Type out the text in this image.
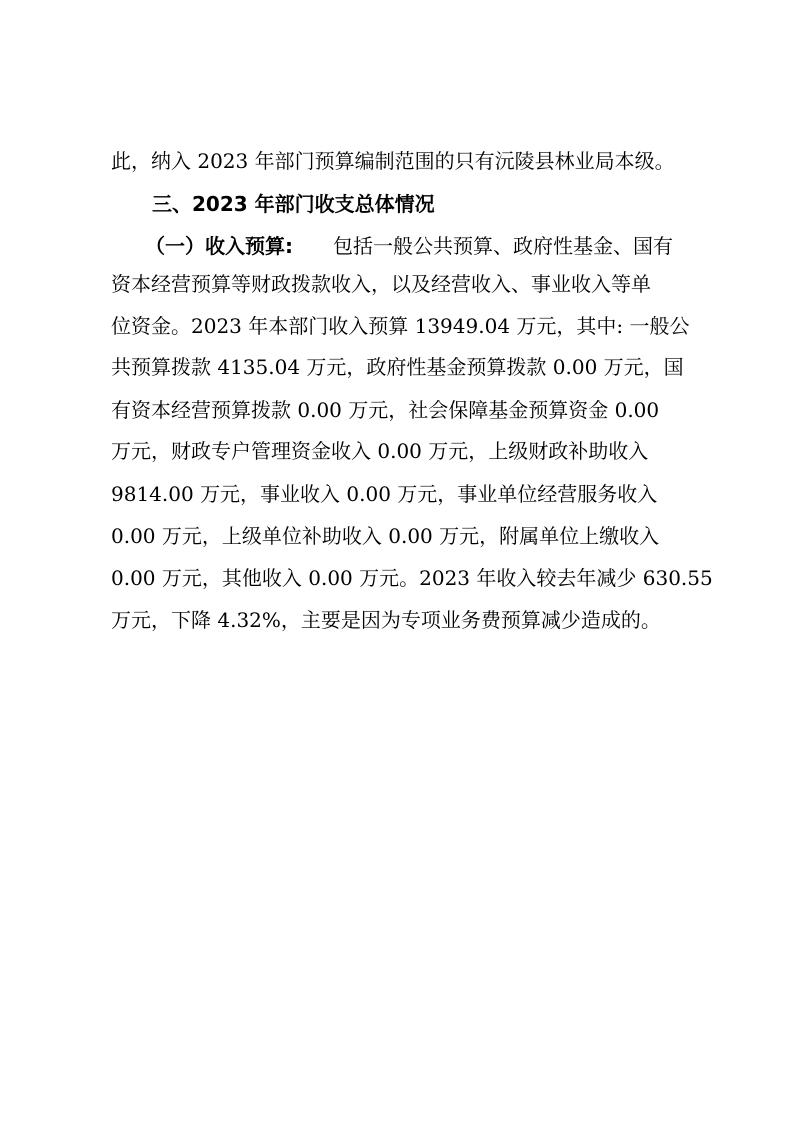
此，纳入 2023 年部门预算编制范围的只有沅陵县林业局本级。
三、2023 年部门收支总体情况
（一）收入预算: 包括一般公共预算、政府性基金、国有
资本经营预算等财政拨款收入，以及经营收入、事业收入等单
位资金。2023 年本部门收入预算 13949.04 万元，其中: 一般公
共预算拨款 4135.04 万元，政府性基金预算拨款 0.00 万元，国
有资本经营预算拨款 0.00 万元，社会保障基金预算资金 0.00
万元，财政专户管理资金收入 0.00 万元，上级财政补助收入
9814.00 万元，事业收入 0.00 万元，事业单位经营服务收入
0.00 万元，上级单位补助收入 0.00 万元，附属单位上缴收入
0.00 万元，其他收入 0.00 万元。2023 年收入较去年减少 630.55
万元，下降 4.32%，主要是因为专项业务费预算减少造成的。
